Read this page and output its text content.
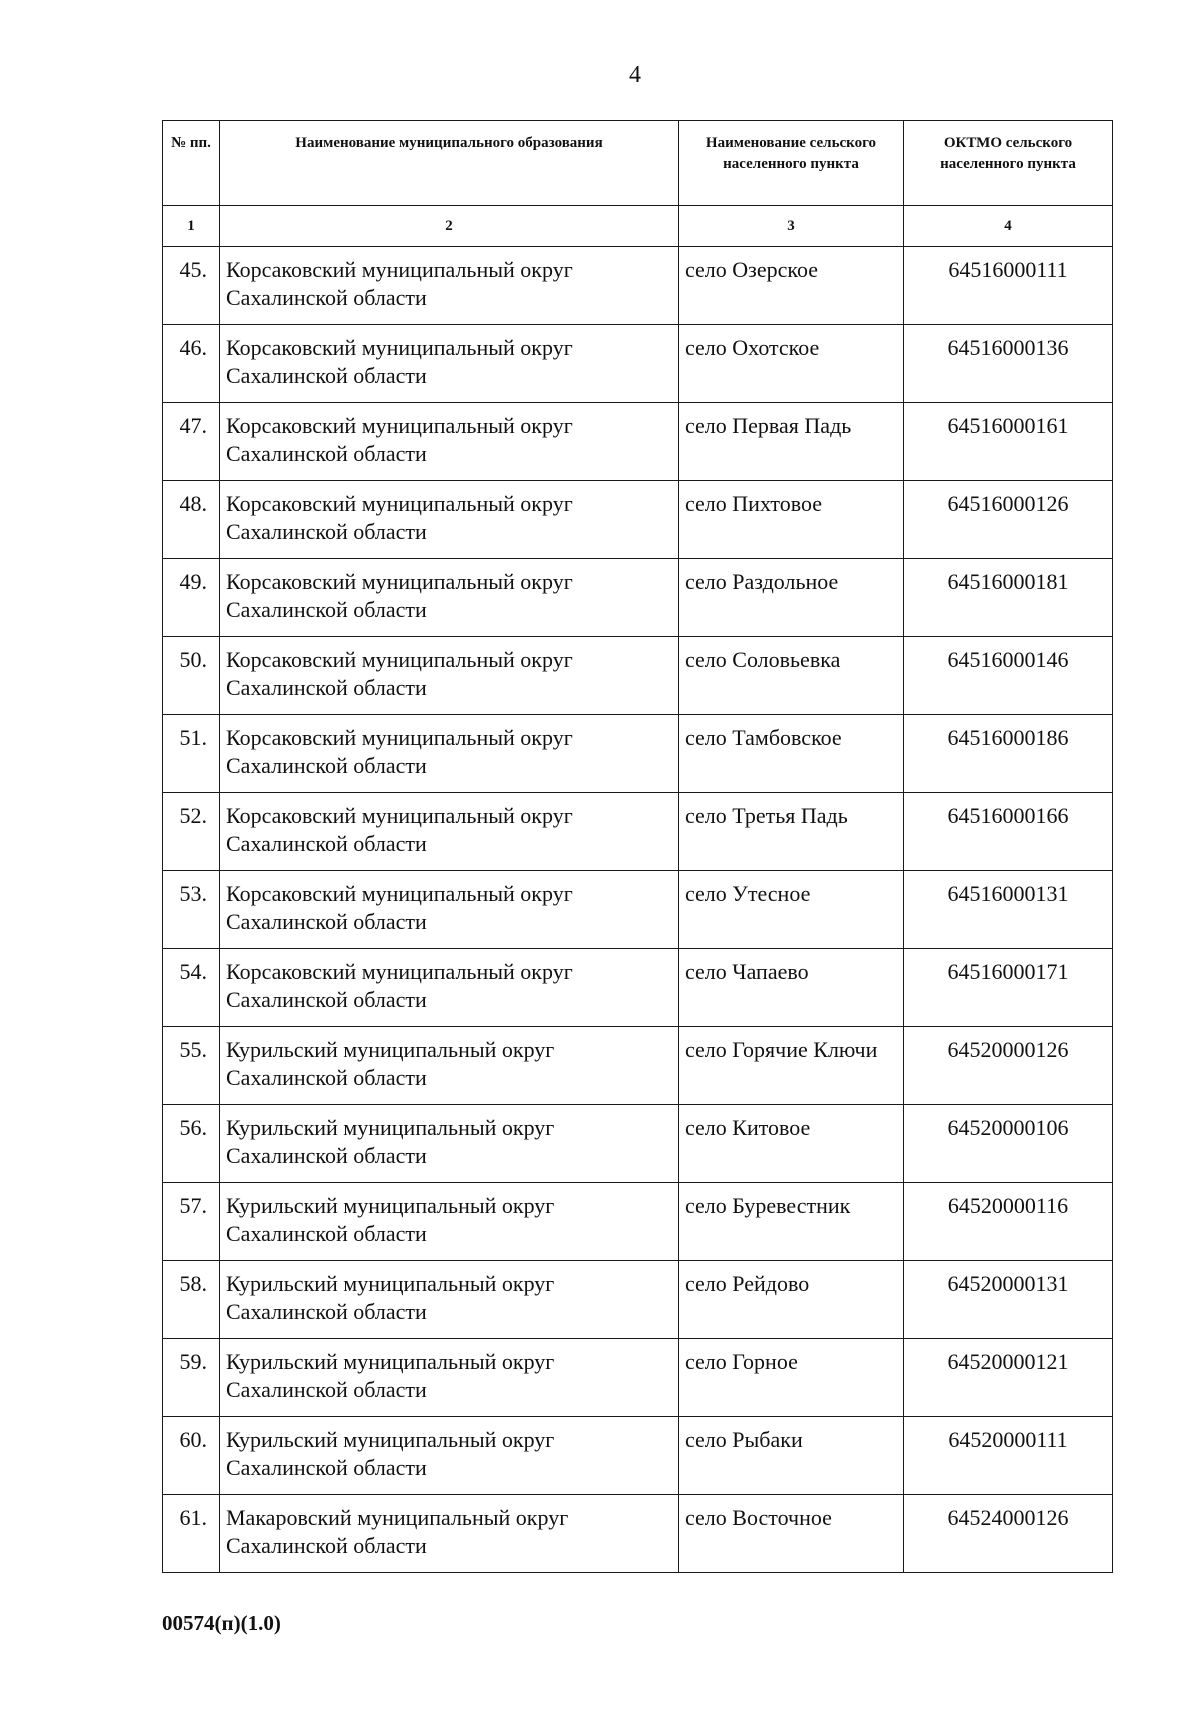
4
№ пп.	Наименование муниципального образования	Наименование сельского населенного пункта	ОКТМО сельского населенного пункта
1	2	3	4
45.	Корсаковский муниципальный округ Сахалинской области	село Озерское	64516000111
46.	Корсаковский муниципальный округ Сахалинской области	село Охотское	64516000136
47.	Корсаковский муниципальный округ Сахалинской области	село Первая Падь	64516000161
48.	Корсаковский муниципальный округ Сахалинской области	село Пихтовое	64516000126
49.	Корсаковский муниципальный округ Сахалинской области	село Раздольное	64516000181
50.	Корсаковский муниципальный округ Сахалинской области	село Соловьевка	64516000146
51.	Корсаковский муниципальный округ Сахалинской области	село Тамбовское	64516000186
52.	Корсаковский муниципальный округ Сахалинской области	село Третья Падь	64516000166
53.	Корсаковский муниципальный округ Сахалинской области	село Утесное	64516000131
54.	Корсаковский муниципальный округ Сахалинской области	село Чапаево	64516000171
55.	Курильский муниципальный округ Сахалинской области	село Горячие Ключи	64520000126
56.	Курильский муниципальный округ Сахалинской области	село Китовое	64520000106
57.	Курильский муниципальный округ Сахалинской области	село Буревестник	64520000116
58.	Курильский муниципальный округ Сахалинской области	село Рейдово	64520000131
59.	Курильский муниципальный округ Сахалинской области	село Горное	64520000121
60.	Курильский муниципальный округ Сахалинской области	село Рыбаки	64520000111
61.	Макаровский муниципальный округ Сахалинской области	село Восточное	64524000126
00574(п)(1.0)
